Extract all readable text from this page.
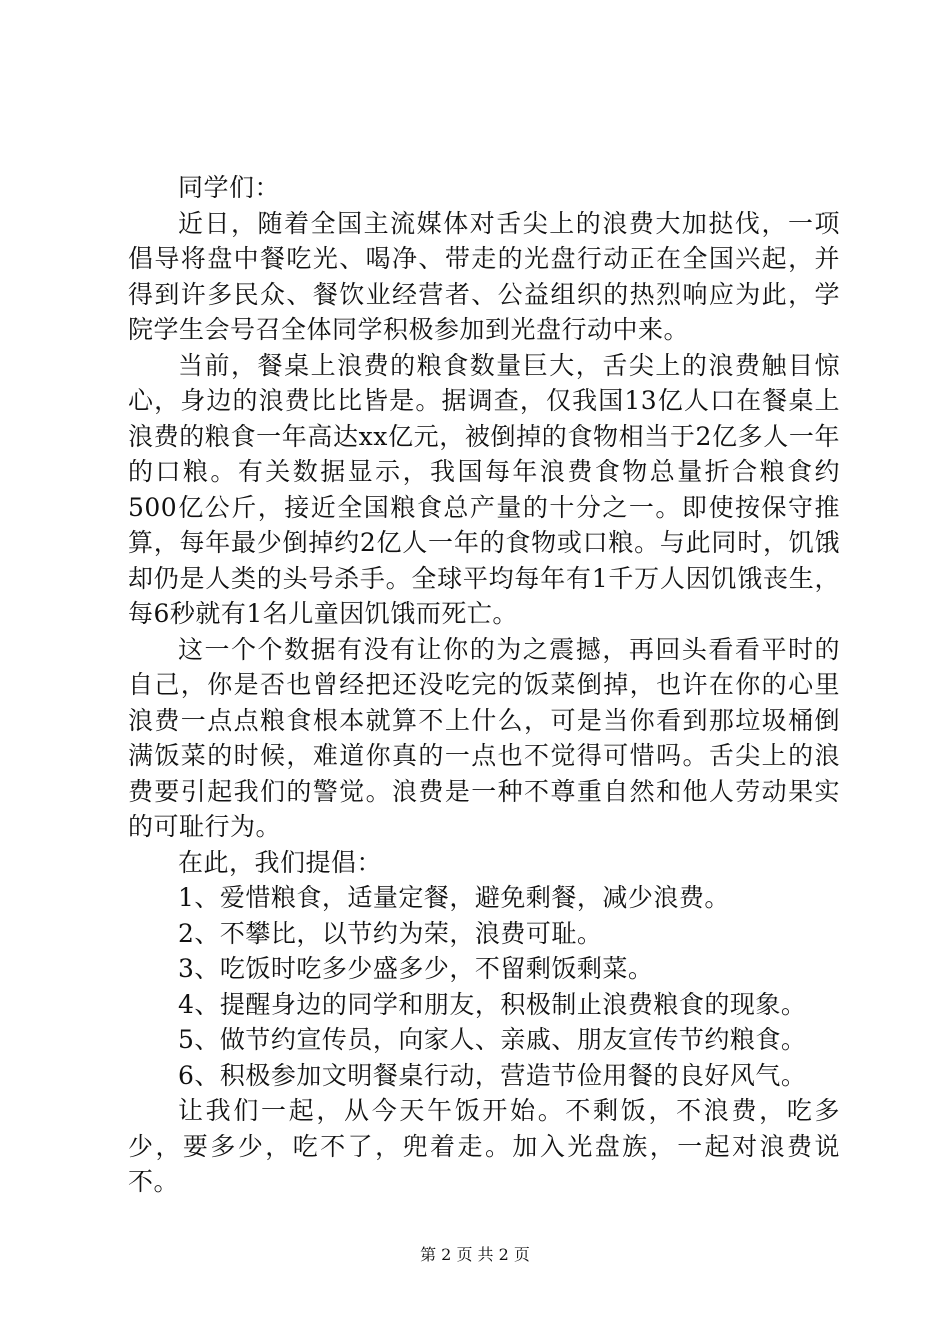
同学们：

近日，随着全国主流媒体对舌尖上的浪费大加挞伐，一项倡导将盘中餐吃光、喝净、带走的光盘行动正在全国兴起，并得到许多民众、餐饮业经营者、公益组织的热烈响应为此，学院学生会号召全体同学积极参加到光盘行动中来。

当前，餐桌上浪费的粮食数量巨大，舌尖上的浪费触目惊心，身边的浪费比比皆是。据调查，仅我国13亿人口在餐桌上浪费的粮食一年高达xx亿元，被倒掉的食物相当于2亿多人一年的口粮。有关数据显示，我国每年浪费食物总量折合粮食约500亿公斤，接近全国粮食总产量的十分之一。即使按保守推算，每年最少倒掉约2亿人一年的食物或口粮。与此同时，饥饿却仍是人类的头号杀手。全球平均每年有1千万人因饥饿丧生，每6秒就有1名儿童因饥饿而死亡。

这一个个数据有没有让你的为之震撼，再回头看看平时的自己，你是否也曾经把还没吃完的饭菜倒掉，也许在你的心里浪费一点点粮食根本就算不上什么，可是当你看到那垃圾桶倒满饭菜的时候，难道你真的一点也不觉得可惜吗。舌尖上的浪费要引起我们的警觉。浪费是一种不尊重自然和他人劳动果实的可耻行为。

在此，我们提倡：

1、爱惜粮食，适量定餐，避免剩餐，减少浪费。

2、不攀比，以节约为荣，浪费可耻。

3、吃饭时吃多少盛多少，不留剩饭剩菜。

4、提醒身边的同学和朋友，积极制止浪费粮食的现象。

5、做节约宣传员，向家人、亲戚、朋友宣传节约粮食。

6、积极参加文明餐桌行动，营造节俭用餐的良好风气。

让我们一起，从今天午饭开始。不剩饭，不浪费，吃多少，要多少，吃不了，兜着走。加入光盘族，一起对浪费说不。

第 2 页 共 2 页
